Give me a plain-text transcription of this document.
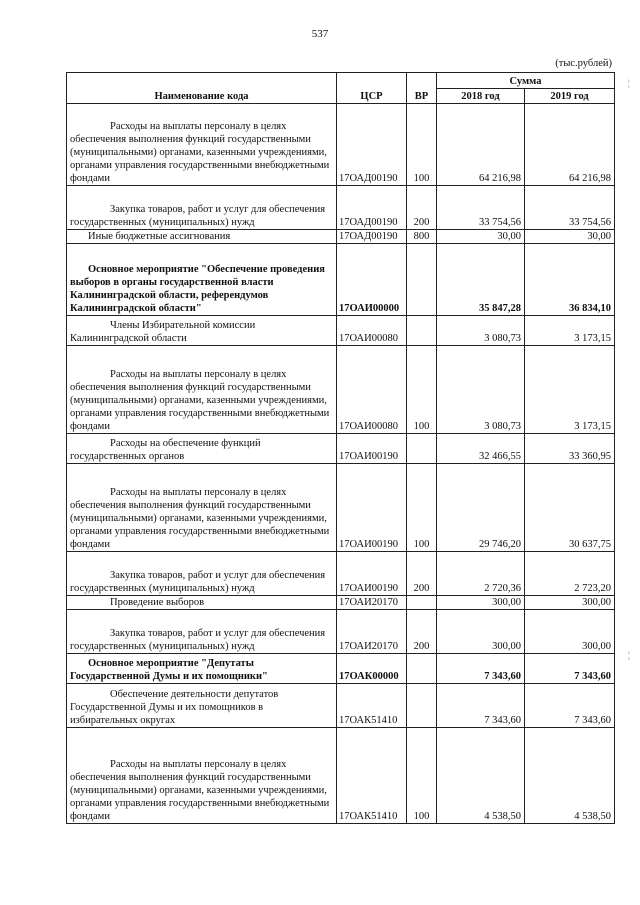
537
(тыс.рублей)
Наименование кода	ЦСР	ВР	Сумма	
			2018 год	2019 год
Расходы на выплаты персоналу в целях обеспечения выполнения функций государственными (муниципальными) органами, казенными учреждениями, органами управления государственными внебюджетными фондами	17ОАД00190	100	64 216,98	64 216,98
Закупка товаров, работ и услуг для обеспечения государственных (муниципальных) нужд	17ОАД00190	200	33 754,56	33 754,56
Иные бюджетные ассигнования	17ОАД00190	800	30,00	30,00
Основное мероприятие "Обеспечение проведения выборов в органы государственной власти Калининградской области, референдумов Калининградской области"	17ОАИ00000		35 847,28	36 834,10
Члены Избирательной комиссии Калининградской области	17ОАИ00080		3 080,73	3 173,15
Расходы на выплаты персоналу в целях обеспечения выполнения функций государственными (муниципальными) органами, казенными учреждениями, органами управления государственными внебюджетными фондами	17ОАИ00080	100	3 080,73	3 173,15
Расходы на обеспечение функций государственных органов	17ОАИ00190		32 466,55	33 360,95
Расходы на выплаты персоналу в целях обеспечения выполнения функций государственными (муниципальными) органами, казенными учреждениями, органами управления государственными внебюджетными фондами	17ОАИ00190	100	29 746,20	30 637,75
Закупка товаров, работ и услуг для обеспечения государственных (муниципальных) нужд	17ОАИ00190	200	2 720,36	2 723,20
Проведение выборов	17ОАИ20170		300,00	300,00
Закупка товаров, работ и услуг для обеспечения государственных (муниципальных) нужд	17ОАИ20170	200	300,00	300,00
Основное мероприятие "Депутаты Государственной Думы и их помощники"	17ОАК00000		7 343,60	7 343,60
Обеспечение деятельности депутатов Государственной Думы и их помощников в избирательных округах	17ОАК51410		7 343,60	7 343,60
Расходы на выплаты персоналу в целях обеспечения выполнения функций государственными (муниципальными) органами, казенными учреждениями, органами управления государственными внебюджетными фондами	17ОАК51410	100	4 538,50	4 538,50
¦
¦
